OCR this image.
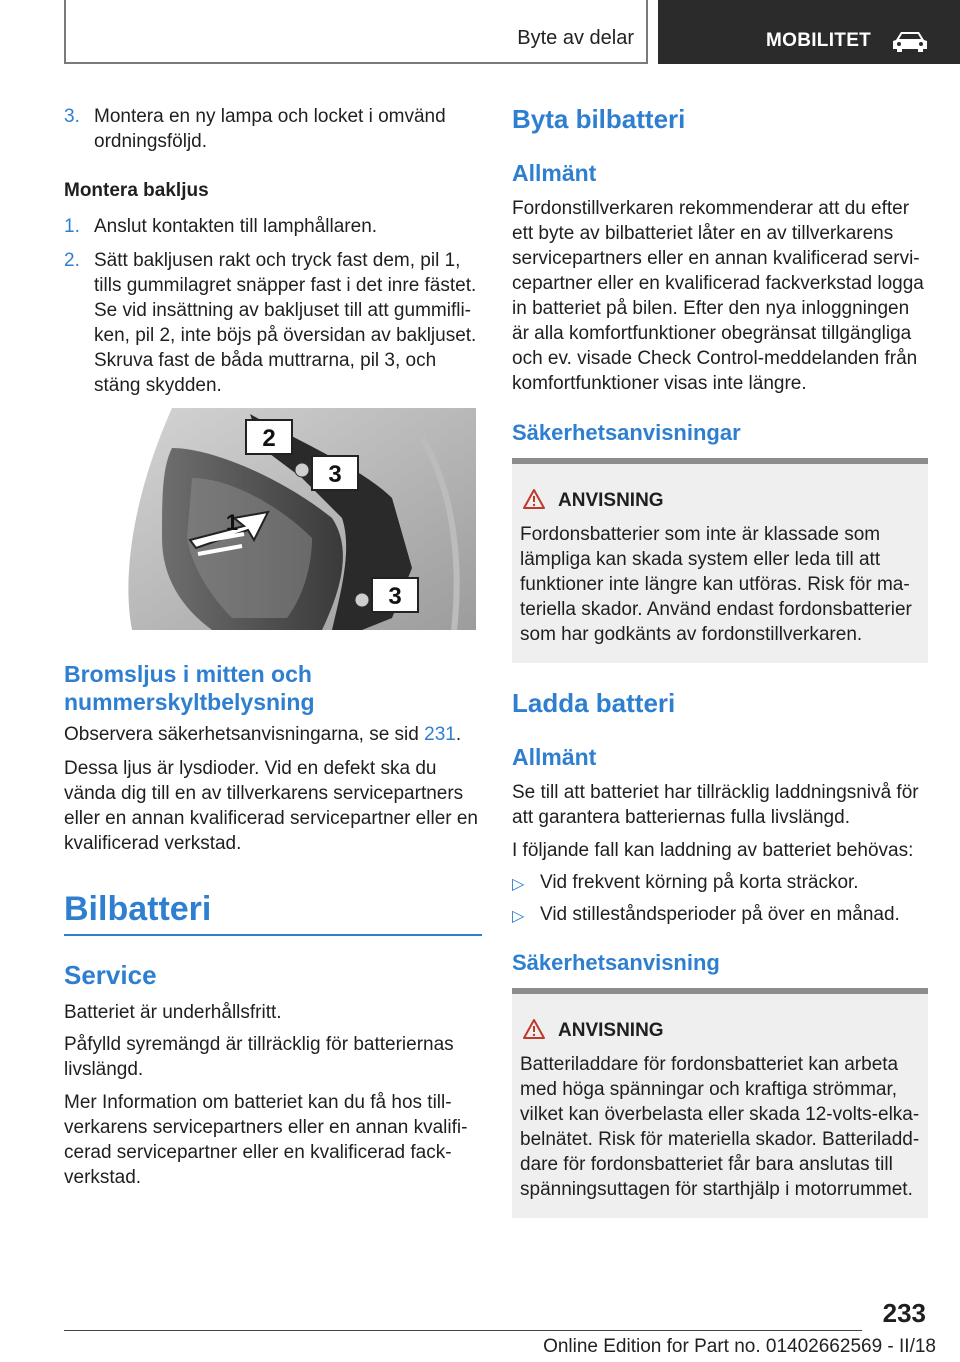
Byte av delar	MOBILITET
3. Montera en ny lampa och locket i omvänd
ordningsföljd.
Montera bakljus
1. Anslut kontakten till lamphållaren.
2. Sätt bakljusen rakt och tryck fast dem, pil 1,
tills gummilagret snäpper fast i det inre fästet.
Se vid insättning av bakljuset till att gummifli‐
ken, pil 2, inte böjs på översidan av bakljuset.
Skruva fast de båda muttrarna, pil 3, och
stäng skydden.
2
3
1
3
Bromsljus i mitten och
nummerskyltbelysning
Observera säkerhetsanvisningarna, se sid 231.
Dessa ljus är lysdioder. Vid en defekt ska du
vända dig till en av tillverkarens servicepartners
eller en annan kvalificerad servicepartner eller en
kvalificerad verkstad.
Bilbatteri
Service
Batteriet är underhållsfritt.
Påfylld syremängd är tillräcklig för batteriernas
livslängd.
Mer Information om batteriet kan du få hos till‐
verkarens servicepartners eller en annan kvalifi‐
cerad servicepartner eller en kvalificerad fack‐
verkstad.
Byta bilbatteri
Allmänt
Fordonstillverkaren rekommenderar att du efter
ett byte av bilbatteriet låter en av tillverkarens
servicepartners eller en annan kvalificerad servi‐
cepartner eller en kvalificerad fackverkstad logga
in batteriet på bilen. Efter den nya inloggningen
är alla komfortfunktioner obegränsat tillgängliga
och ev. visade Check Control-meddelanden från
komfortfunktioner visas inte längre.
Säkerhetsanvisningar
ANVISNING
Fordonsbatterier som inte är klassade som
lämpliga kan skada system eller leda till att
funktioner inte längre kan utföras. Risk för ma‐
teriella skador. Använd endast fordonsbatterier
som har godkänts av fordonstillverkaren.
Ladda batteri
Allmänt
Se till att batteriet har tillräcklig laddningsnivå för
att garantera batteriernas fulla livslängd.
I följande fall kan laddning av batteriet behövas:
▷ Vid frekvent körning på korta sträckor.
▷ Vid stilleståndsperioder på över en månad.
Säkerhetsanvisning
ANVISNING
Batteriladdare för fordonsbatteriet kan arbeta
med höga spänningar och kraftiga strömmar,
vilket kan överbelasta eller skada 12-volts-elka‐
belnätet. Risk för materiella skador. Batteriladd‐
dare för fordonsbatteriet får bara anslutas till
spänningsuttagen för starthjälp i motorrummet.
233
Online Edition for Part no. 01402662569 - II/18
